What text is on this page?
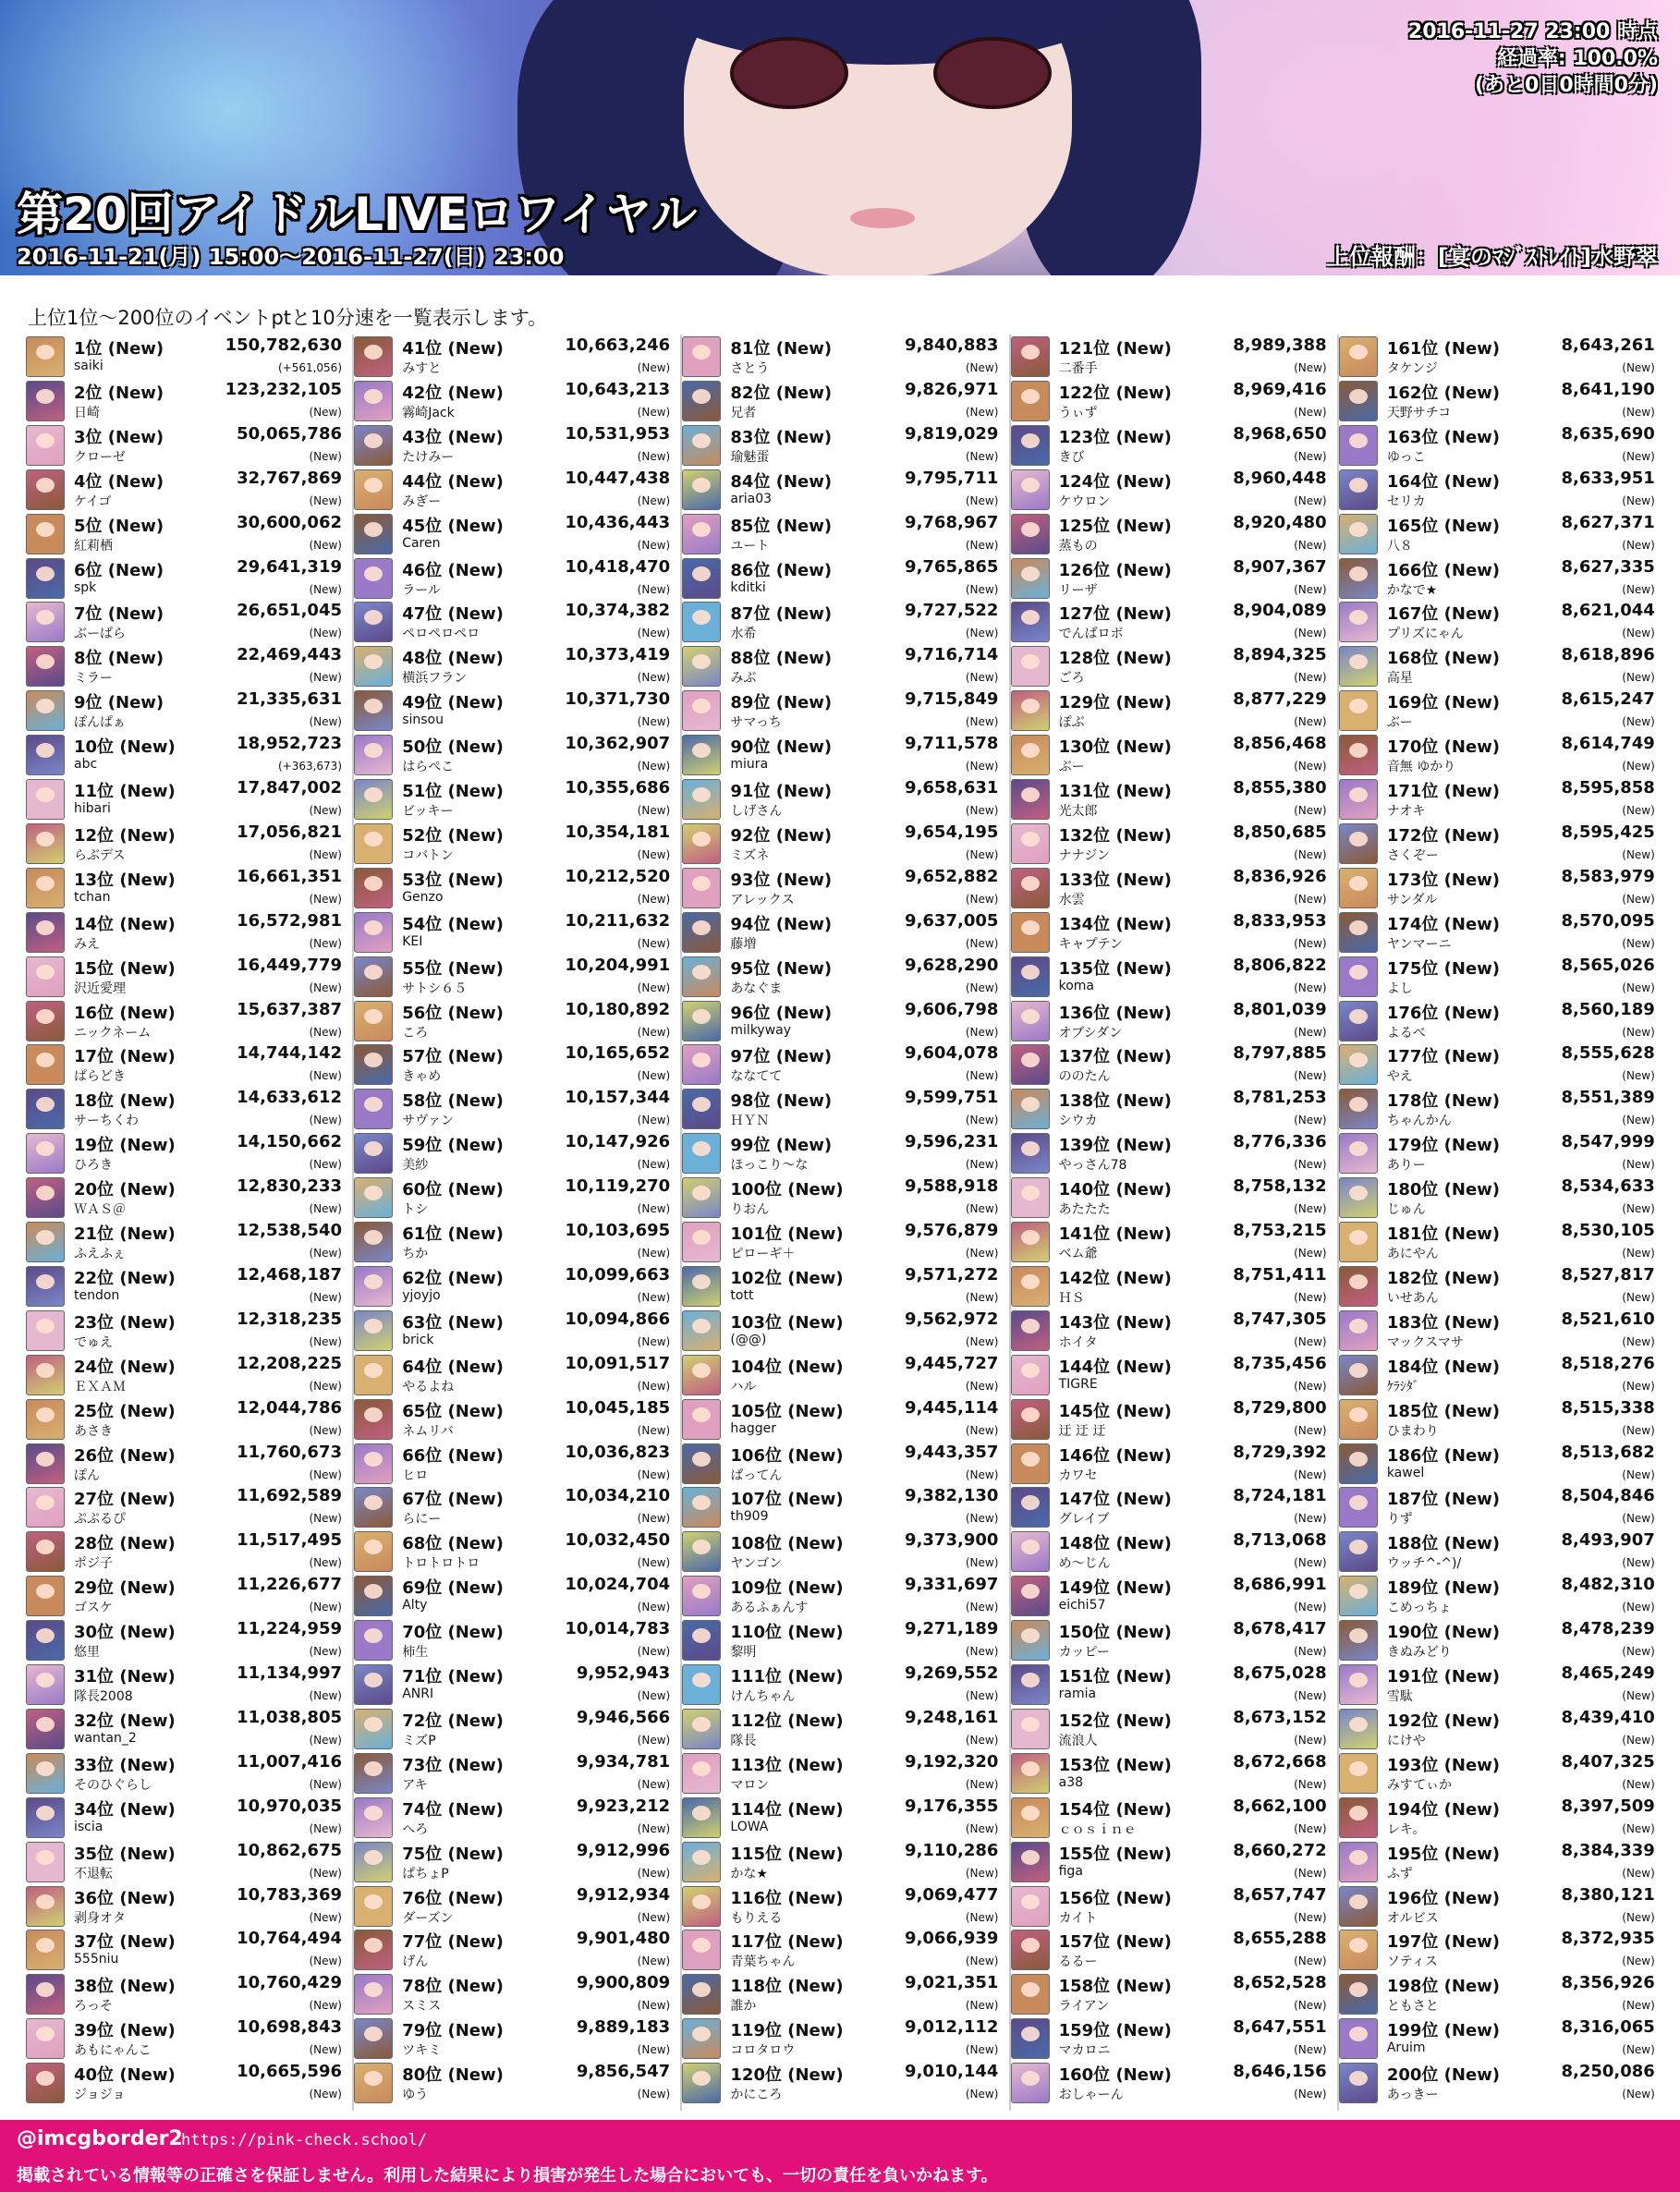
2016-11-27 23:00 時点
経過率: 100.0%
(あと0日0時間0分)
第20回アイドルLIVEロワイヤル
2016-11-21(月) 15:00～2016-11-27(日) 23:00	上位報酬：[宴のﾏｼﾞｽﾄﾚｲﾄ]水野翠
上位1位～200位のイベントptと10分速を一覧表示します。
1位 (New)
saiki
150,782,630
(+561,056)
2位 (New)
日崎
123,232,105
(New)
3位 (New)
クローゼ
50,065,786
(New)
4位 (New)
ケイゴ
32,767,869
(New)
5位 (New)
紅莉栖
30,600,062
(New)
6位 (New)
spk
29,641,319
(New)
7位 (New)
ぶーぱら
26,651,045
(New)
8位 (New)
ミラー
22,469,443
(New)
9位 (New)
ぽんぱぁ
21,335,631
(New)
10位 (New)
abc
18,952,723
(+363,673)
11位 (New)
hibari
17,847,002
(New)
12位 (New)
らぶデス
17,056,821
(New)
13位 (New)
tchan
16,661,351
(New)
14位 (New)
みえ
16,572,981
(New)
15位 (New)
沢近愛理
16,449,779
(New)
16位 (New)
ニックネーム
15,637,387
(New)
17位 (New)
ぱらどき
14,744,142
(New)
18位 (New)
サーちくわ
14,633,612
(New)
19位 (New)
ひろき
14,150,662
(New)
20位 (New)
ＷＡＳ＠
12,830,233
(New)
21位 (New)
ふえふぇ
12,538,540
(New)
22位 (New)
tendon
12,468,187
(New)
23位 (New)
でゅえ
12,318,235
(New)
24位 (New)
ＥＸＡＭ
12,208,225
(New)
25位 (New)
あさき
12,044,786
(New)
26位 (New)
ぽん
11,760,673
(New)
27位 (New)
ぷぷるぴ
11,692,589
(New)
28位 (New)
ポジ子
11,517,495
(New)
29位 (New)
ゴスケ
11,226,677
(New)
30位 (New)
悠里
11,224,959
(New)
31位 (New)
隊長2008
11,134,997
(New)
32位 (New)
wantan_2
11,038,805
(New)
33位 (New)
そのひぐらし
11,007,416
(New)
34位 (New)
iscia
10,970,035
(New)
35位 (New)
不退転
10,862,675
(New)
36位 (New)
剥身オタ
10,783,369
(New)
37位 (New)
555niu
10,764,494
(New)
38位 (New)
ろっそ
10,760,429
(New)
39位 (New)
あもにゃんこ
10,698,843
(New)
40位 (New)
ジョジョ
10,665,596
(New)
41位 (New)
みすと
10,663,246
(New)
42位 (New)
霧崎Jack
10,643,213
(New)
43位 (New)
たけみー
10,531,953
(New)
44位 (New)
みぎー
10,447,438
(New)
45位 (New)
Caren
10,436,443
(New)
46位 (New)
ラール
10,418,470
(New)
47位 (New)
ペロペロペロ
10,374,382
(New)
48位 (New)
横浜フラン
10,373,419
(New)
49位 (New)
sinsou
10,371,730
(New)
50位 (New)
はらぺこ
10,362,907
(New)
51位 (New)
ビッキー
10,355,686
(New)
52位 (New)
コバトン
10,354,181
(New)
53位 (New)
Genzo
10,212,520
(New)
54位 (New)
KEI
10,211,632
(New)
55位 (New)
サトシ６５
10,204,991
(New)
56位 (New)
ころ
10,180,892
(New)
57位 (New)
きゃめ
10,165,652
(New)
58位 (New)
サヴァン
10,157,344
(New)
59位 (New)
美紗
10,147,926
(New)
60位 (New)
トシ
10,119,270
(New)
61位 (New)
ちか
10,103,695
(New)
62位 (New)
yjoyjo
10,099,663
(New)
63位 (New)
brick
10,094,866
(New)
64位 (New)
やるよね
10,091,517
(New)
65位 (New)
ネムリバ
10,045,185
(New)
66位 (New)
ヒロ
10,036,823
(New)
67位 (New)
らにー
10,034,210
(New)
68位 (New)
トロトロトロ
10,032,450
(New)
69位 (New)
Alty
10,024,704
(New)
70位 (New)
柿生
10,014,783
(New)
71位 (New)
ANRI
9,952,943
(New)
72位 (New)
ミズP
9,946,566
(New)
73位 (New)
アキ
9,934,781
(New)
74位 (New)
へろ
9,923,212
(New)
75位 (New)
ぱちょP
9,912,996
(New)
76位 (New)
ダーズン
9,912,934
(New)
77位 (New)
げん
9,901,480
(New)
78位 (New)
スミス
9,900,809
(New)
79位 (New)
ツキミ
9,889,183
(New)
80位 (New)
ゆう
9,856,547
(New)
81位 (New)
さとう
9,840,883
(New)
82位 (New)
兄者
9,826,971
(New)
83位 (New)
瑜魅蛋
9,819,029
(New)
84位 (New)
aria03
9,795,711
(New)
85位 (New)
ユート
9,768,967
(New)
86位 (New)
kditki
9,765,865
(New)
87位 (New)
水希
9,727,522
(New)
88位 (New)
みぶ
9,716,714
(New)
89位 (New)
サマっち
9,715,849
(New)
90位 (New)
miura
9,711,578
(New)
91位 (New)
しげさん
9,658,631
(New)
92位 (New)
ミズネ
9,654,195
(New)
93位 (New)
アレックス
9,652,882
(New)
94位 (New)
藤増
9,637,005
(New)
95位 (New)
あなぐま
9,628,290
(New)
96位 (New)
milkyway
9,606,798
(New)
97位 (New)
ななてて
9,604,078
(New)
98位 (New)
ＨＹＮ
9,599,751
(New)
99位 (New)
ほっこり～な
9,596,231
(New)
100位 (New)
りおん
9,588,918
(New)
101位 (New)
ピローギ＋
9,576,879
(New)
102位 (New)
tott
9,571,272
(New)
103位 (New)
(@@)
9,562,972
(New)
104位 (New)
ハル
9,445,727
(New)
105位 (New)
hagger
9,445,114
(New)
106位 (New)
ぱってん
9,443,357
(New)
107位 (New)
th909
9,382,130
(New)
108位 (New)
ヤンゴン
9,373,900
(New)
109位 (New)
あるふぁんす
9,331,697
(New)
110位 (New)
黎明
9,271,189
(New)
111位 (New)
けんちゃん
9,269,552
(New)
112位 (New)
隊長
9,248,161
(New)
113位 (New)
マロン
9,192,320
(New)
114位 (New)
LOWA
9,176,355
(New)
115位 (New)
かな★
9,110,286
(New)
116位 (New)
もりえる
9,069,477
(New)
117位 (New)
青葉ちゃん
9,066,939
(New)
118位 (New)
誰か
9,021,351
(New)
119位 (New)
コロタロウ
9,012,112
(New)
120位 (New)
かにころ
9,010,144
(New)
121位 (New)
二番手
8,989,388
(New)
122位 (New)
うぃず
8,969,416
(New)
123位 (New)
きび
8,968,650
(New)
124位 (New)
ケウロン
8,960,448
(New)
125位 (New)
蒸もの
8,920,480
(New)
126位 (New)
リーザ
8,907,367
(New)
127位 (New)
でんぱロボ
8,904,089
(New)
128位 (New)
ごろ
8,894,325
(New)
129位 (New)
ぽぶ
8,877,229
(New)
130位 (New)
ぶー
8,856,468
(New)
131位 (New)
光太郎
8,855,380
(New)
132位 (New)
ナナジン
8,850,685
(New)
133位 (New)
水雲
8,836,926
(New)
134位 (New)
キャプテン
8,833,953
(New)
135位 (New)
koma
8,806,822
(New)
136位 (New)
オブシダン
8,801,039
(New)
137位 (New)
ののたん
8,797,885
(New)
138位 (New)
シウカ
8,781,253
(New)
139位 (New)
やっさん78
8,776,336
(New)
140位 (New)
あたたた
8,758,132
(New)
141位 (New)
ベム爺
8,753,215
(New)
142位 (New)
ＨＳ
8,751,411
(New)
143位 (New)
ホイタ
8,747,305
(New)
144位 (New)
TIGRE
8,735,456
(New)
145位 (New)
迂 迂 迂
8,729,800
(New)
146位 (New)
カワセ
8,729,392
(New)
147位 (New)
グレイブ
8,724,181
(New)
148位 (New)
め～じん
8,713,068
(New)
149位 (New)
eichi57
8,686,991
(New)
150位 (New)
カッピー
8,678,417
(New)
151位 (New)
ramia
8,675,028
(New)
152位 (New)
流浪人
8,673,152
(New)
153位 (New)
a38
8,672,668
(New)
154位 (New)
ｃｏｓｉｎｅ
8,662,100
(New)
155位 (New)
figa
8,660,272
(New)
156位 (New)
カイト
8,657,747
(New)
157位 (New)
るるー
8,655,288
(New)
158位 (New)
ライアン
8,652,528
(New)
159位 (New)
マカロニ
8,647,551
(New)
160位 (New)
おしゃーん
8,646,156
(New)
161位 (New)
タケンジ
8,643,261
(New)
162位 (New)
天野サチコ
8,641,190
(New)
163位 (New)
ゆっこ
8,635,690
(New)
164位 (New)
セリカ
8,633,951
(New)
165位 (New)
八８
8,627,371
(New)
166位 (New)
かなで★
8,627,335
(New)
167位 (New)
プリズにゃん
8,621,044
(New)
168位 (New)
高星
8,618,896
(New)
169位 (New)
ぶー
8,615,247
(New)
170位 (New)
音無 ゆかり
8,614,749
(New)
171位 (New)
ナオキ
8,595,858
(New)
172位 (New)
さくぞー
8,595,425
(New)
173位 (New)
サンダル
8,583,979
(New)
174位 (New)
ヤンマーニ
8,570,095
(New)
175位 (New)
よし
8,565,026
(New)
176位 (New)
よるべ
8,560,189
(New)
177位 (New)
やえ
8,555,628
(New)
178位 (New)
ちゃんかん
8,551,389
(New)
179位 (New)
ありー
8,547,999
(New)
180位 (New)
じゅん
8,534,633
(New)
181位 (New)
あにやん
8,530,105
(New)
182位 (New)
いせあん
8,527,817
(New)
183位 (New)
マックスマサ
8,521,610
(New)
184位 (New)
ｹﾗｼﾀﾞ
8,518,276
(New)
185位 (New)
ひまわり
8,515,338
(New)
186位 (New)
kawel
8,513,682
(New)
187位 (New)
りず
8,504,846
(New)
188位 (New)
ウッチ^-^)/
8,493,907
(New)
189位 (New)
こめっちょ
8,482,310
(New)
190位 (New)
きぬみどり
8,478,239
(New)
191位 (New)
雪駄
8,465,249
(New)
192位 (New)
にけや
8,439,410
(New)
193位 (New)
みすてぃか
8,407,325
(New)
194位 (New)
レキ。
8,397,509
(New)
195位 (New)
ふず
8,384,339
(New)
196位 (New)
オルビス
8,380,121
(New)
197位 (New)
ソティス
8,372,935
(New)
198位 (New)
ともさと
8,356,926
(New)
199位 (New)
Aruim
8,316,065
(New)
200位 (New)
あっきー
8,250,086
(New)
@imcgborder2
https://pink-check.school/
掲載されている情報等の正確さを保証しません。利用した結果により損害が発生した場合においても、一切の責任を負いかねます。
